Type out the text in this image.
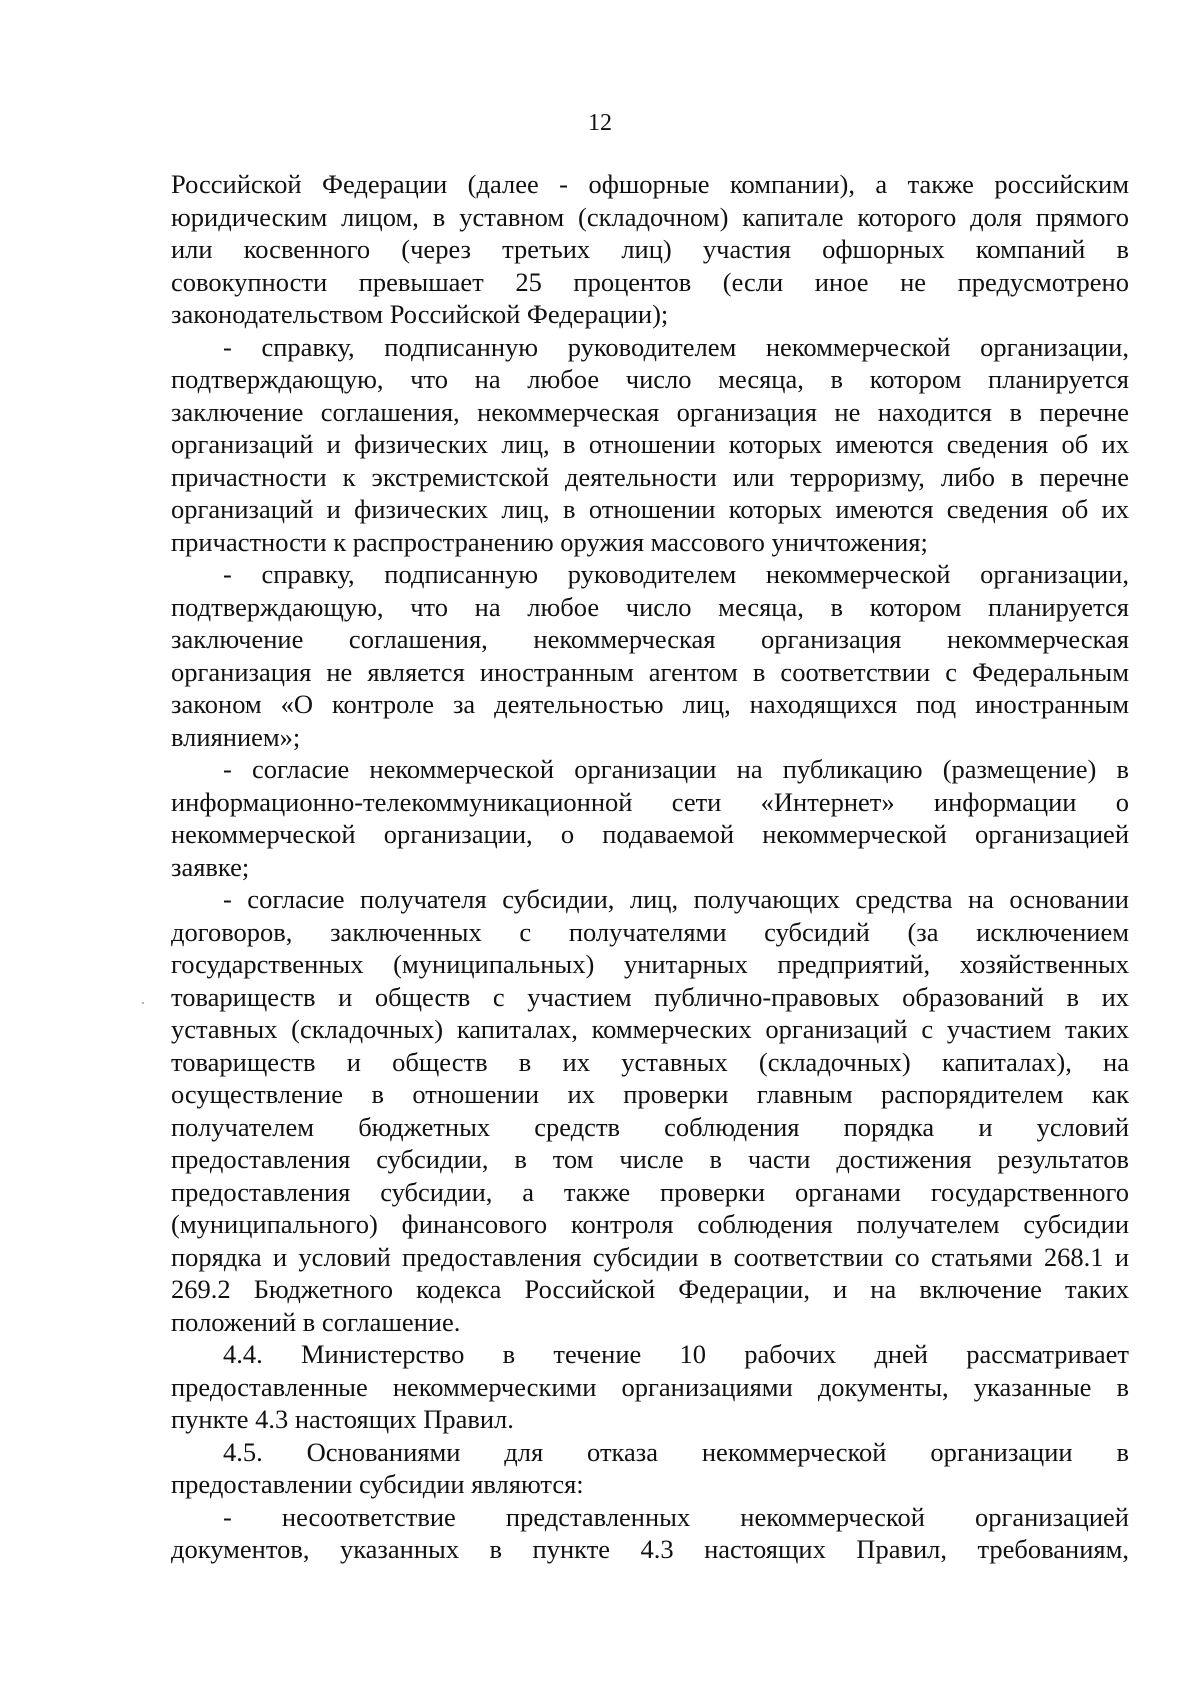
12
Российской Федерации (далее - офшорные компании), а также российским
юридическим лицом, в уставном (складочном) капитале которого доля прямого
или косвенного (через третьих лиц) участия офшорных компаний в
совокупности превышает 25 процентов (если иное не предусмотрено
законодательством Российской Федерации);
- справку, подписанную руководителем некоммерческой организации,
подтверждающую, что на любое число месяца, в котором планируется
заключение соглашения, некоммерческая организация не находится в перечне
организаций и физических лиц, в отношении которых имеются сведения об их
причастности к экстремистской деятельности или терроризму, либо в перечне
организаций и физических лиц, в отношении которых имеются сведения об их
причастности к распространению оружия массового уничтожения;
- справку, подписанную руководителем некоммерческой организации,
подтверждающую, что на любое число месяца, в котором планируется
заключение соглашения, некоммерческая организация некоммерческая
организация не является иностранным агентом в соответствии с Федеральным
законом «О контроле за деятельностью лиц, находящихся под иностранным
влиянием»;
- согласие некоммерческой организации на публикацию (размещение) в
информационно-телекоммуникационной сети «Интернет» информации о
некоммерческой организации, о подаваемой некоммерческой организацией
заявке;
- согласие получателя субсидии, лиц, получающих средства на основании
договоров, заключенных с получателями субсидий (за исключением
государственных (муниципальных) унитарных предприятий, хозяйственных
товариществ и обществ с участием публично-правовых образований в их
уставных (складочных) капиталах, коммерческих организаций с участием таких
товариществ и обществ в их уставных (складочных) капиталах), на
осуществление в отношении их проверки главным распорядителем как
получателем бюджетных средств соблюдения порядка и условий
предоставления субсидии, в том числе в части достижения результатов
предоставления субсидии, а также проверки органами государственного
(муниципального) финансового контроля соблюдения получателем субсидии
порядка и условий предоставления субсидии в соответствии со статьями 268.1 и
269.2 Бюджетного кодекса Российской Федерации, и на включение таких
положений в соглашение.
4.4. Министерство в течение 10 рабочих дней рассматривает
предоставленные некоммерческими организациями документы, указанные в
пункте 4.3 настоящих Правил.
4.5. Основаниями для отказа некоммерческой организации в
предоставлении субсидии являются:
- несоответствие представленных некоммерческой организацией
документов, указанных в пункте 4.3 настоящих Правил, требованиям,
